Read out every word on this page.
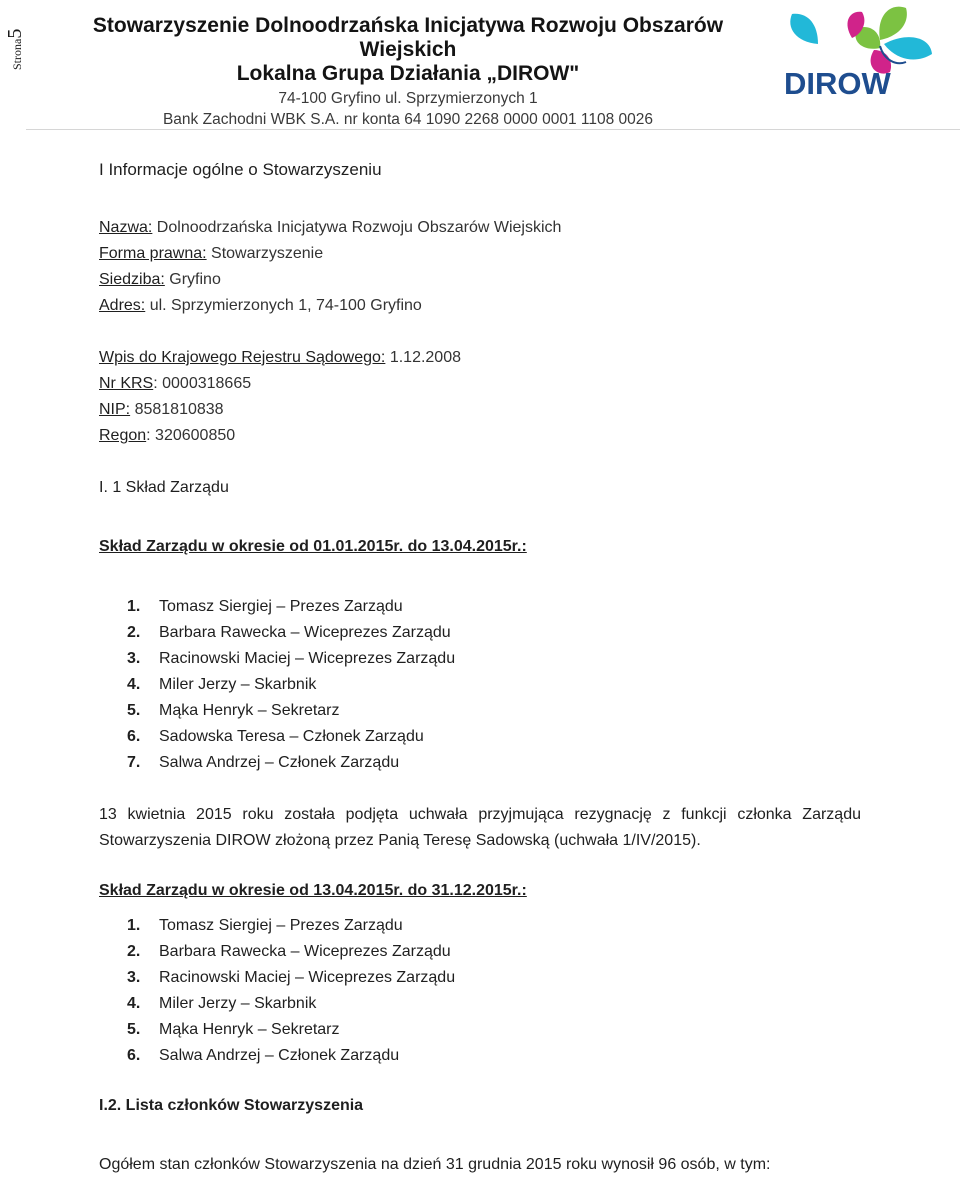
Strona5	Stowarzyszenie Dolnoodrzańska Inicjatywa Rozwoju Obszarów Wiejskich
Lokalna Grupa Działania „DIROW"
74-100 Gryfino ul. Sprzymierzonych 1
Bank Zachodni WBK S.A. nr konta 64 1090 2268 0000 0001 1108 0026
DIROW
I Informacje ogólne o Stowarzyszeniu
Nazwa: Dolnoodrzańska Inicjatywa Rozwoju Obszarów Wiejskich
Forma prawna: Stowarzyszenie
Siedziba: Gryfino
Adres: ul. Sprzymierzonych 1, 74-100 Gryfino
Wpis do Krajowego Rejestru Sądowego: 1.12.2008
Nr KRS: 0000318665
NIP: 8581810838
Regon: 320600850
I. 1 Skład Zarządu
Skład Zarządu w okresie od 01.01.2015r. do 13.04.2015r.:
1. Tomasz Siergiej – Prezes Zarządu
2. Barbara Rawecka – Wiceprezes Zarządu
3. Racinowski Maciej – Wiceprezes Zarządu
4. Miler Jerzy – Skarbnik
5. Mąka Henryk – Sekretarz
6. Sadowska Teresa – Członek Zarządu
7. Salwa Andrzej – Członek Zarządu
13 kwietnia 2015 roku została podjęta uchwała przyjmująca rezygnację z funkcji członka Zarządu Stowarzyszenia DIROW złożoną przez Panią Teresę Sadowską (uchwała 1/IV/2015).
Skład Zarządu w okresie od 13.04.2015r. do 31.12.2015r.:
1. Tomasz Siergiej – Prezes Zarządu
2. Barbara Rawecka – Wiceprezes Zarządu
3. Racinowski Maciej – Wiceprezes Zarządu
4. Miler Jerzy – Skarbnik
5. Mąka Henryk – Sekretarz
6. Salwa Andrzej – Członek Zarządu
I.2. Lista członków Stowarzyszenia
Ogółem stan członków Stowarzyszenia na dzień 31 grudnia 2015 roku wynosił 96 osób, w tym:
